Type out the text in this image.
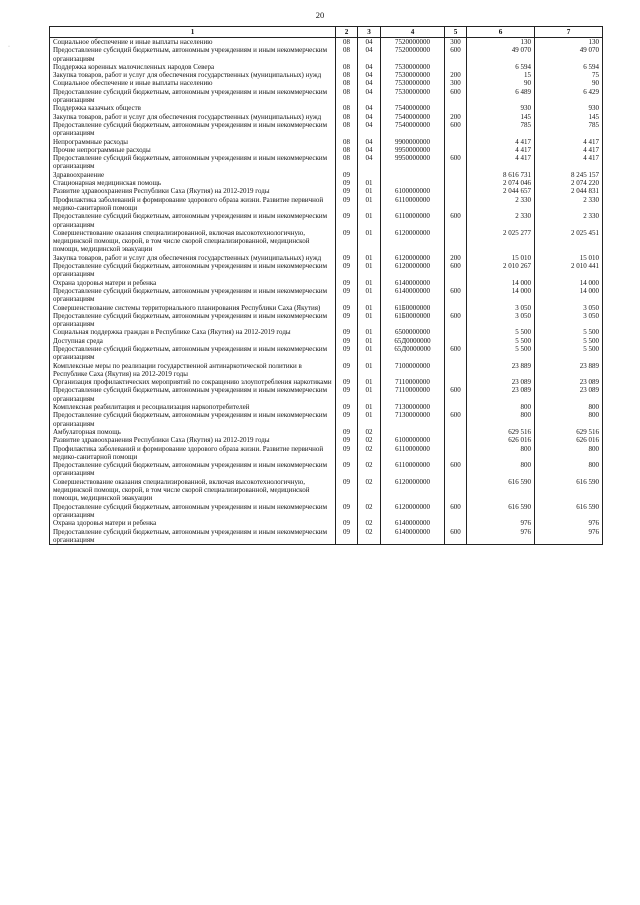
20
1	2	3	4	5	6	7
Социальное обеспечение и иные выплаты населению	08	04	7520000000	300	130	130
Предоставление субсидий бюджетным, автономным учреждениям и иным некоммерческим организациям	08	04	7520000000	600	49 070	49 070
Поддержка коренных малочисленных народов Севера	08	04	7530000000		6 594	6 594
Закупка товаров, работ и услуг для обеспечения государственных (муниципальных) нужд	08	04	7530000000	200	15	75
Социальное обеспечение и иные выплаты населению	08	04	7530000000	300	90	90
Предоставление субсидий бюджетным, автономным учреждениям и иным некоммерческим организациям	08	04	7530000000	600	6 489	6 429
Поддержка казачьих обществ	08	04	7540000000		930	930
Закупка товаров, работ и услуг для обеспечения государственных (муниципальных) нужд	08	04	7540000000	200	145	145
Предоставление субсидий бюджетным, автономным учреждениям и иным некоммерческим организациям	08	04	7540000000	600	785	785
Непрограммные расходы	08	04	9900000000		4 417	4 417
Прочие непрограммные расходы	08	04	9950000000		4 417	4 417
Предоставление субсидий бюджетным, автономным учреждениям и иным некоммерческим организациям	08	04	9950000000	600	4 417	4 417
Здравоохранение	09				8 616 731	8 245 157
Стационарная медицинская помощь	09	01			2 074 046	2 074 220
Развитие здравоохранения Республики Саха (Якутия) на 2012-2019 годы	09	01	6100000000		2 044 657	2 044 831
Профилактика заболеваний и формирование здорового образа жизни. Развитие первичной медико-санитарной помощи	09	01	6110000000		2 330	2 330
Предоставление субсидий бюджетным, автономным учреждениям и иным некоммерческим организациям	09	01	6110000000	600	2 330	2 330
Совершенствование оказания специализированной, включая высокотехнологичную, медицинской помощи, скорой, в том числе скорой специализированной, медицинской помощи, медицинской эвакуации	09	01	6120000000		2 025 277	2 025 451
Закупка товаров, работ и услуг для обеспечения государственных (муниципальных) нужд	09	01	6120000000	200	15 010	15 010
Предоставление субсидий бюджетным, автономным учреждениям и иным некоммерческим организациям	09	01	6120000000	600	2 010 267	2 010 441
Охрана здоровья матери и ребенка	09	01	6140000000		14 000	14 000
Предоставление субсидий бюджетным, автономным учреждениям и иным некоммерческим организациям	09	01	6140000000	600	14 000	14 000
Совершенствование системы территориального планирования Республики Саха (Якутия)	09	01	61Б0000000		3 050	3 050
Предоставление субсидий бюджетным, автономным учреждениям и иным некоммерческим организациям	09	01	61Б0000000	600	3 050	3 050
Социальная поддержка граждан в Республике Саха (Якутия) на 2012-2019 годы	09	01	6500000000		5 500	5 500
Доступная среда	09	01	65Д0000000		5 500	5 500
Предоставление субсидий бюджетным, автономным учреждениям и иным некоммерческим организациям	09	01	65Д0000000	600	5 500	5 500
Комплексные меры по реализации государственной антинаркотической политики в Республике Саха (Якутия) на 2012-2019 годы	09	01	7100000000		23 889	23 889
Организация профилактических мероприятий по сокращению злоупотребления наркотиками	09	01	7110000000		23 089	23 089
Предоставление субсидий бюджетным, автономным учреждениям и иным некоммерческим организациям	09	01	7110000000	600	23 089	23 089
Комплексная реабилитация и ресоциализация наркопотребителей	09	01	7130000000		800	800
Предоставление субсидий бюджетным, автономным учреждениям и иным некоммерческим организациям	09	01	7130000000	600	800	800
Амбулаторная помощь	09	02			629 516	629 516
Развитие здравоохранения Республики Саха (Якутия) на 2012-2019 годы	09	02	6100000000		626 016	626 016
Профилактика заболеваний и формирование здорового образа жизни. Развитие первичной медико-санитарной помощи	09	02	6110000000		800	800
Предоставление субсидий бюджетным, автономным учреждениям и иным некоммерческим организациям	09	02	6110000000	600	800	800
Совершенствование оказания специализированной, включая высокотехнологичную, медицинской помощи, скорой, в том числе скорой специализированной, медицинской помощи, медицинской эвакуации	09	02	6120000000		616 590	616 590
Предоставление субсидий бюджетным, автономным учреждениям и иным некоммерческим организациям	09	02	6120000000	600	616 590	616 590
Охрана здоровья матери и ребенка	09	02	6140000000		976	976
Предоставление субсидий бюджетным, автономным учреждениям и иным некоммерческим организациям	09	02	6140000000	600	976	976
·
